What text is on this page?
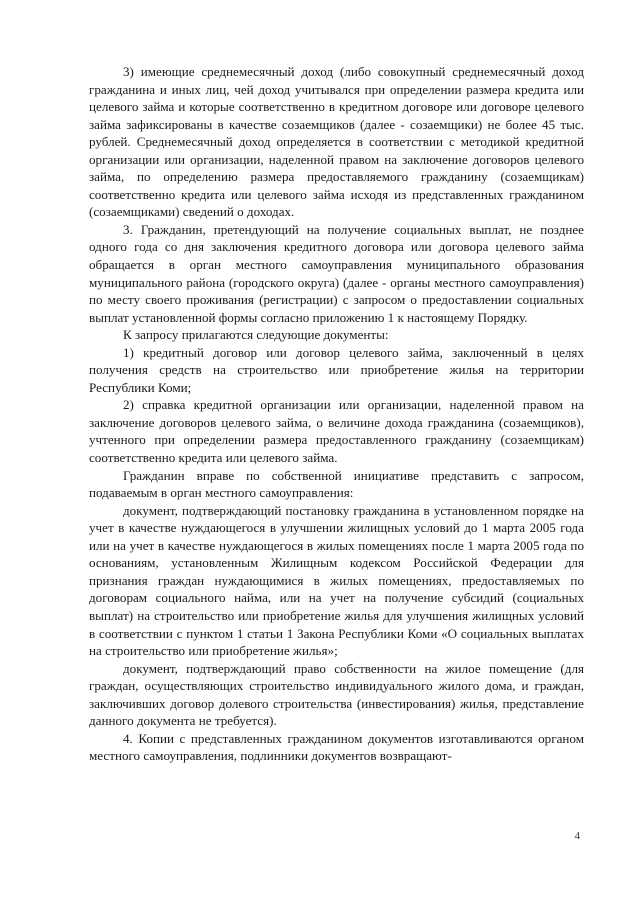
3) имеющие среднемесячный доход (либо совокупный среднемесячный доход гражданина и иных лиц, чей доход учитывался при определении размера кредита или целевого займа и которые соответственно в кредитном договоре или договоре целевого займа зафиксированы в качестве созаемщиков (далее - созаемщики) не более 45 тыс. рублей. Среднемесячный доход определяется в соответствии с методикой кредитной организации или организации, наделенной правом на заключение договоров целевого займа, по определению размера предоставляемого гражданину (созаемщикам) соответственно кредита или целевого займа исходя из представленных гражданином (созаемщиками) сведений о доходах.

3. Гражданин, претендующий на получение социальных выплат, не позднее одного года со дня заключения кредитного договора или договора целевого займа обращается в орган местного самоуправления муниципального образования муниципального района (городского округа) (далее - органы местного самоуправления) по месту своего проживания (регистрации) с запросом о предоставлении социальных выплат установленной формы согласно приложению 1 к настоящему Порядку.

К запросу прилагаются следующие документы:

1) кредитный договор или договор целевого займа, заключенный в целях получения средств на строительство или приобретение жилья на территории Республики Коми;

2) справка кредитной организации или организации, наделенной правом на заключение договоров целевого займа, о величине дохода гражданина (созаемщиков), учтенного при определении размера предоставленного гражданину (созаемщикам) соответственно кредита или целевого займа.

Гражданин вправе по собственной инициативе представить с запросом, подаваемым в орган местного самоуправления:

документ, подтверждающий постановку гражданина в установленном порядке на учет в качестве нуждающегося в улучшении жилищных условий до 1 марта 2005 года или на учет в качестве нуждающегося в жилых помещениях после 1 марта 2005 года по основаниям, установленным Жилищным кодексом Российской Федерации для признания граждан нуждающимися в жилых помещениях, предоставляемых по договорам социального найма, или на учет на получение субсидий (социальных выплат) на строительство или приобретение жилья для улучшения жилищных условий в соответствии с пунктом 1 статьи 1 Закона Республики Коми «О социальных выплатах на строительство или приобретение жилья»;

документ, подтверждающий право собственности на жилое помещение (для граждан, осуществляющих строительство индивидуального жилого дома, и граждан, заключивших договор долевого строительства (инвестирования) жилья, представление данного документа не требуется).

4. Копии с представленных гражданином документов изготавливаются органом местного самоуправления, подлинники документов возвращают-

4
